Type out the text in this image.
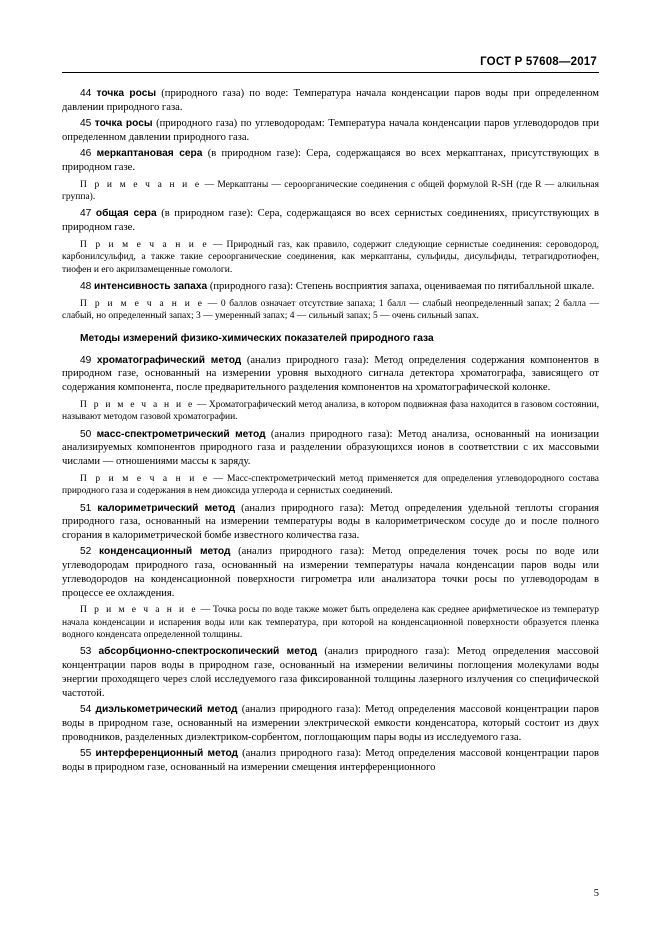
ГОСТ Р 57608—2017

44 точка росы (природного газа) по воде: Температура начала конденсации паров воды при определенном давлении природного газа.

45 точка росы (природного газа) по углеводородам: Температура начала конденсации паров углеводородов при определенном давлении природного газа.

46 меркаптановая сера (в природном газе): Сера, содержащаяся во всех меркаптанах, присутствующих в природном газе.

П р и м е ч а н и е — Меркаптаны — сероорганические соединения с общей формулой R-SH (где R — алкильная группа).

47 общая сера (в природном газе): Сера, содержащаяся во всех сернистых соединениях, присутствующих в природном газе.

П р и м е ч а н и е — Природный газ, как правило, содержит следующие сернистые соединения: сероводород, карбонилсульфид, а также такие сероорганические соединения, как меркаптаны, сульфиды, дисульфиды, тетрагидротиофен, тиофен и его акрилзамещенные гомологи.

48 интенсивность запаха (природного газа): Степень восприятия запаха, оцениваемая по пятибалльной шкале.

П р и м е ч а н и е — 0 баллов означает отсутствие запаха; 1 балл — слабый неопределенный запах; 2 балла — слабый, но определенный запах; 3 — умеренный запах; 4 — сильный запах; 5 — очень сильный запах.

Методы измерений физико-химических показателей природного газа

49 хроматографический метод (анализ природного газа): Метод определения содержания компонентов в природном газе, основанный на измерении уровня выходного сигнала детектора хроматографа, зависящего от содержания компонента, после предварительного разделения компонентов на хроматографической колонке.

П р и м е ч а н и е — Хроматографический метод анализа, в котором подвижная фаза находится в газовом состоянии, называют методом газовой хроматографии.

50 масс-спектрометрический метод (анализ природного газа): Метод анализа, основанный на ионизации анализируемых компонентов природного газа и разделении образующихся ионов в соответствии с их массовыми числами — отношениями массы к заряду.

П р и м е ч а н и е — Масс-спектрометрический метод применяется для определения углеводородного состава природного газа и содержания в нем диоксида углерода и сернистых соединений.

51 калориметрический метод (анализ природного газа): Метод определения удельной теплоты сгорания природного газа, основанный на измерении температуры воды в калориметрическом сосуде до и после полного сгорания в калориметрической бомбе известного количества газа.

52 конденсационный метод (анализ природного газа): Метод определения точек росы по воде или углеводородам природного газа, основанный на измерении температуры начала конденсации паров воды или углеводородов на конденсационной поверхности гигрометра или анализатора точки росы по углеводородам в процессе ее охлаждения.

П р и м е ч а н и е — Точка росы по воде также может быть определена как среднее арифметическое из температур начала конденсации и испарения воды или как температура, при которой на конденсационной поверхности образуется пленка водного конденсата определенной толщины.

53 абсорбционно-спектроскопический метод (анализ природного газа): Метод определения массовой концентрации паров воды в природном газе, основанный на измерении величины поглощения молекулами воды энергии проходящего через слой исследуемого газа фиксированной толщины лазерного излучения со специфической частотой.

54 диэлькометрический метод (анализ природного газа): Метод определения массовой концентрации паров воды в природном газе, основанный на измерении электрической емкости конденсатора, который состоит из двух проводников, разделенных диэлектриком-сорбентом, поглощающим пары воды из исследуемого газа.

55 интерференционный метод (анализ природного газа): Метод определения массовой концентрации паров воды в природном газе, основанный на измерении смещения интерференционного

5
